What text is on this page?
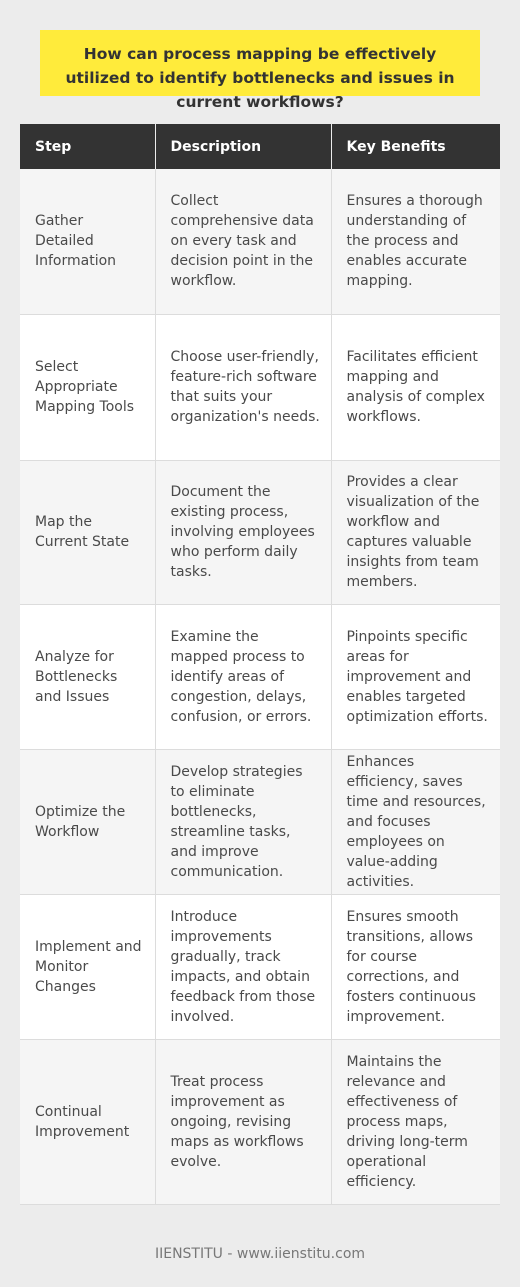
How can process mapping be effectively utilized to identify bottlenecks and issues in current workflows?
Step	Description	Key Benefits
Gather Detailed Information	Collect comprehensive data on every task and decision point in the workflow.	Ensures a thorough understanding of the process and enables accurate mapping.
Select Appropriate Mapping Tools	Choose user-friendly, feature-rich software that suits your organization's needs.	Facilitates efficient mapping and analysis of complex workflows.
Map the Current State	Document the existing process, involving employees who perform daily tasks.	Provides a clear visualization of the workflow and captures valuable insights from team members.
Analyze for Bottlenecks and Issues	Examine the mapped process to identify areas of congestion, delays, confusion, or errors.	Pinpoints specific areas for improvement and enables targeted optimization efforts.
Optimize the Workflow	Develop strategies to eliminate bottlenecks, streamline tasks, and improve communication.	Enhances efficiency, saves time and resources, and focuses employees on value-adding activities.
Implement and Monitor Changes	Introduce improvements gradually, track impacts, and obtain feedback from those involved.	Ensures smooth transitions, allows for course corrections, and fosters continuous improvement.
Continual Improvement	Treat process improvement as ongoing, revising maps as workflows evolve.	Maintains the relevance and effectiveness of process maps, driving long-term operational efficiency.
IIENSTITU - www.iienstitu.com
